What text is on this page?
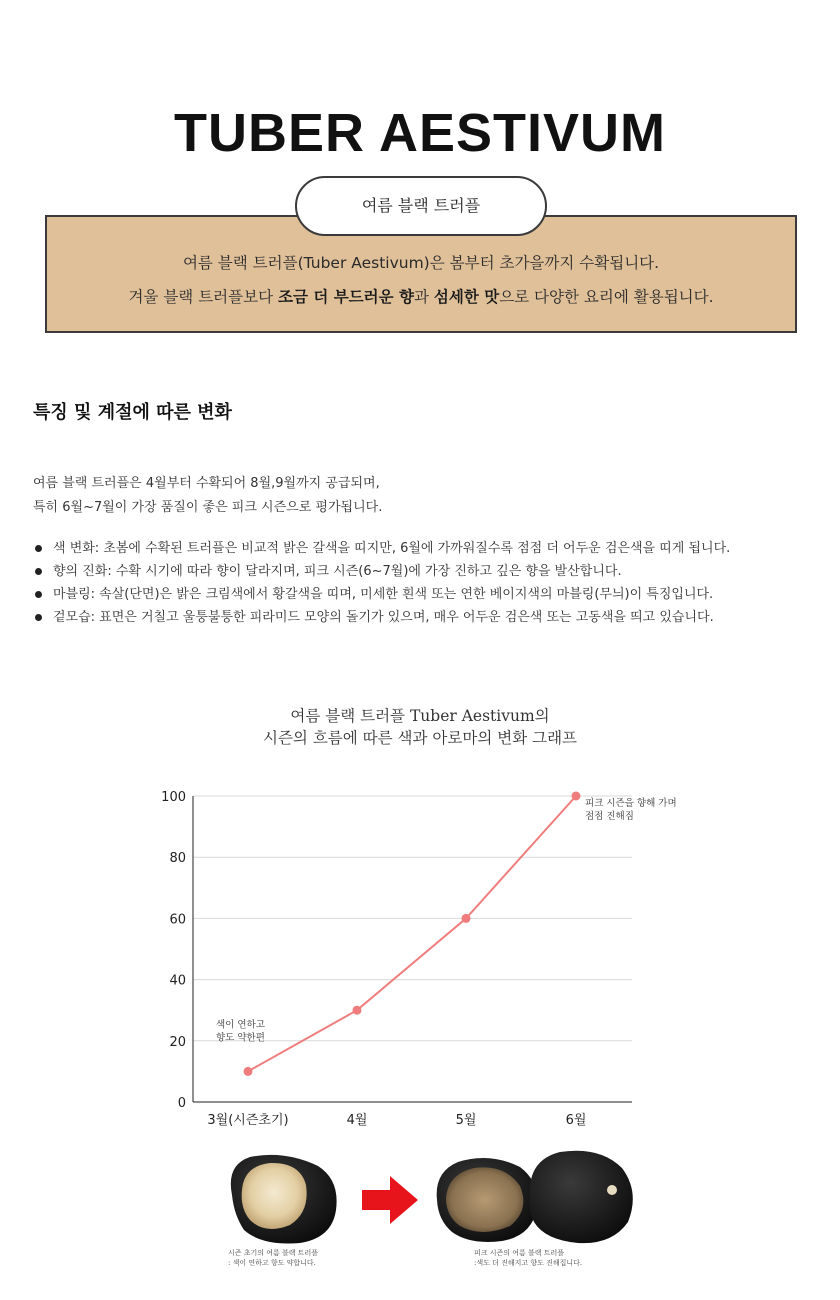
TUBER AESTIVUM
여름 블랙 트러플(Tuber Aestivum)은 봄부터 초가을까지 수확됩니다.
겨울 블랙 트러플보다 조금 더 부드러운 향과 섬세한 맛으로 다양한 요리에 활용됩니다.
여름 블랙 트러플
특징 및 계절에 따른 변화
여름 블랙 트러플은 4월부터 수확되어 8월,9월까지 공급되며,
특히 6월~7월이 가장 품질이 좋은 피크 시즌으로 평가됩니다.
색 변화: 초봄에 수확된 트러플은 비교적 밝은 갈색을 띠지만, 6월에 가까워질수록 점점 더 어두운 검은색을 띠게 됩니다.
향의 진화: 수확 시기에 따라 향이 달라지며, 피크 시즌(6~7월)에 가장 진하고 깊은 향을 발산합니다.
마블링: 속살(단면)은 밝은 크림색에서 황갈색을 띠며, 미세한 흰색 또는 연한 베이지색의 마블링(무늬)이 특징입니다.
겉모습: 표면은 거칠고 울퉁불퉁한 피라미드 모양의 돌기가 있으며, 매우 어두운 검은색 또는 고동색을 띄고 있습니다.
여름 블랙 트러플 Tuber Aestivum의
시즌의 흐름에 따른 색과 아로마의 변화 그래프
0
20
40
60
80
100
3월(시즌초기)	4월	5월	6월
색이 연하고
향도 약한편
피크 시즌을 향해 가며
점점 진해짐
시즌 초기의 여름 블랙 트러플
: 색이 연하고 향도 약합니다.
피크 시즌의 여름 블랙 트러플
:색도 더 진해지고 향도 진해집니다.
